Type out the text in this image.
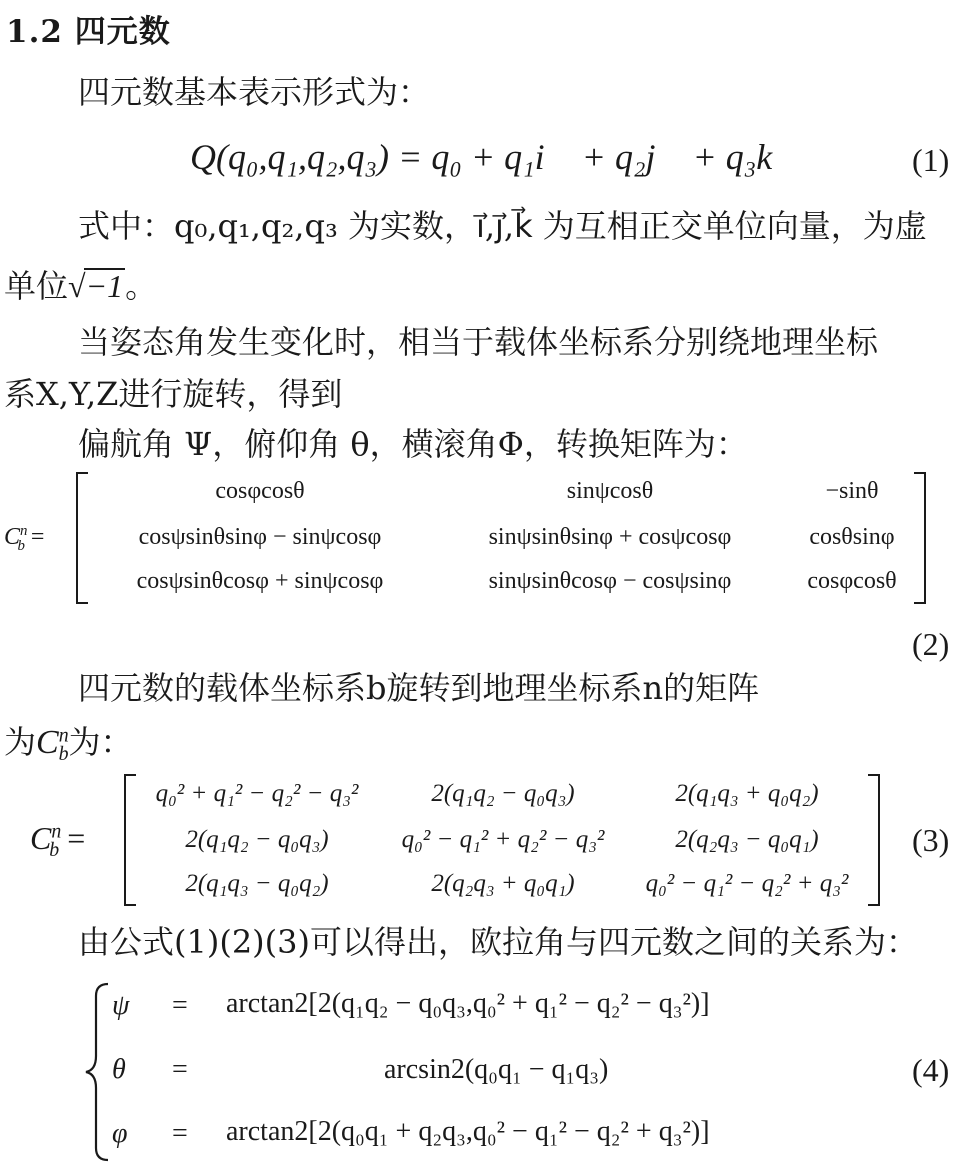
1.2 四元数
四元数基本表示形式为：
Q(q₀,q₁,q₂,q₃) = q₀ + q₁i⃗ + q₂j⃗ + q₃k⃗	(1)
式中：q₀,q₁,q₂,q₃ 为实数，i⃗,j⃗,k⃗ 为互相正交单位向量，为虚
单位√−1。
当姿态角发生变化时，相当于载体坐标系分别绕地理坐标
系X,Y,Z进行旋转，得到
偏航角 Ψ，俯仰角 θ，横滚角Φ，转换矩阵为：
$C^n_b$ =
cosφcosθ	sinψcosθ	−sinθ
cosψsinθsinφ − sinψcosφ	sinψsinθsinφ + cosψcosφ	cosθsinφ
cosψsinθcosφ + sinψcosφ	sinψsinθcosφ − cosψsinφ	cosφcosθ
(2)
四元数的载体坐标系b旋转到地理坐标系n的矩阵
为$C^n_b$为：
$C^n_b$ =
q₀² + q₁² − q₂² − q₃²	2(q₁q₂ − q₀q₃)	2(q₁q₃ + q₀q₂)
2(q₁q₂ − q₀q₃)	q₀² − q₁² + q₂² − q₃²	2(q₂q₃ − q₀q₁)
2(q₁q₃ − q₀q₂)	2(q₂q₃ + q₀q₁)	q₀² − q₁² − q₂² + q₃²
(3)
由公式(1)(2)(3)可以得出，欧拉角与四元数之间的关系为：
ψ = arctan2[2(q₁q₂ − q₀q₃,q₀² + q₁² − q₂² − q₃²)]
θ =	arcsin2(q₀q₁ − q₁q₃)
φ = arctan2[2(q₀q₁ + q₂q₃,q₀² − q₁² − q₂² + q₃²)]
(4)
